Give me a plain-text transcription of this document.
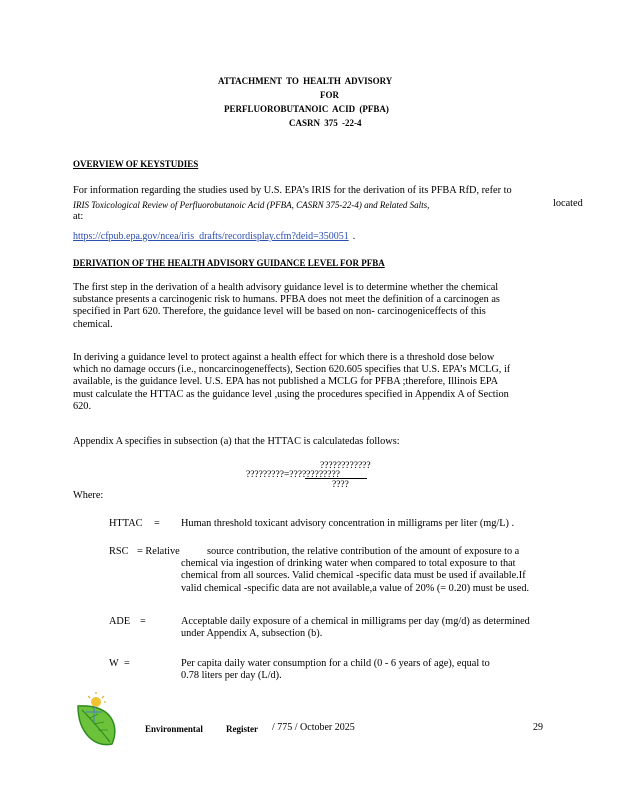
ATTACHMENT TO HEALTH ADVISORY
FOR
PERFLUOROBUTANOIC ACID (PFBA)
CASRN 375 -22-4
OVERVIEW OF KEYSTUDIES
For information regarding the studies used by U.S. EPA’s IRIS for the derivation of its PFBA RfD, refer to
IRIS Toxicological Review of Perfluorobutanoic Acid (PFBA, CASRN 375-22-4) and Related Salts,	located
at:
https://cfpub.epa.gov/ncea/iris_drafts/recordisplay.cfm?deid=350051 .
DERIVATION OF THE HEALTH ADVISORY GUIDANCE LEVEL FOR PFBA
The first step in the derivation of a health advisory guidance level is to determine whether the chemical
substance presents a carcinogenic risk to humans. PFBA does not meet the definition of a carcinogen as
specified in Part 620. Therefore, the guidance level will be based on non- carcinogeniceffects of this
chemical.
In deriving a guidance level to protect against a health effect for which there is a threshold dose below
which no damage occurs (i.e., noncarcinogeneffects), Section 620.605 specifies that U.S. EPA’s MCLG, if
available, is the guidance level. U.S. EPA has not published a MCLG for PFBA ;therefore, Illinois EPA
must calculate the HTTAC as the guidance level ,using the procedures specified in Appendix A of Section
620.
Appendix A specifies in subsection (a) that the HTTAC is calculatedas follows:
????????????
?????????=????????????
????
Where:
HTTAC = Human threshold toxicant advisory concentration in milligrams per liter (mg/L) .
RSC = Relative	source contribution, the relative contribution of the amount of exposure to a
chemical via ingestion of drinking water when compared to total exposure to that
chemical from all sources. Valid chemical -specific data must be used if available.If
valid chemical -specific data are not available,a value of 20% (= 0.20) must be used.
ADE =	Acceptable daily exposure of a chemical in milligrams per day (mg/d) as determined
under Appendix A, subsection (b).
W =	Per capita daily water consumption for a child (0 - 6 years of age), equal to
0.78 liters per day (L/d).
Environmental	Register / 775 / October 2025	29
